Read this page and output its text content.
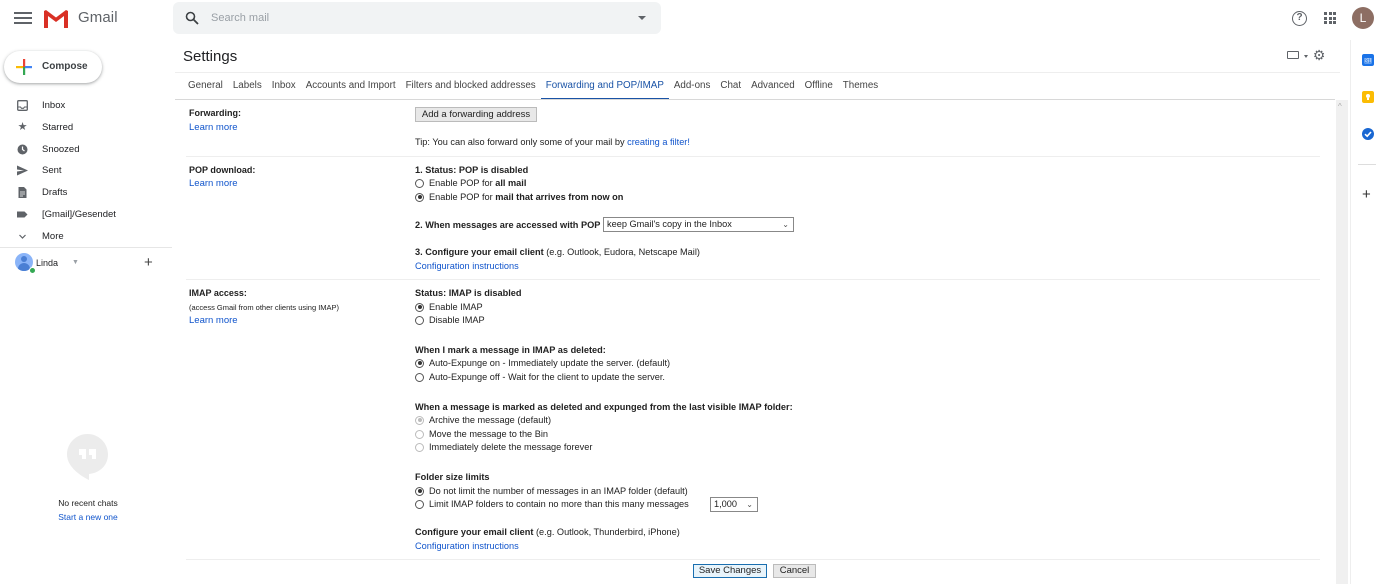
Gmail
Search mail	?	L
Compose
Inbox
★ Starred
Snoozed
Sent
Drafts
[Gmail]/Gesendet
More
Linda ▼	+
No recent chats
Start a new one
Settings	⚙
General	Labels	Inbox	Accounts and Import	Filters and blocked addresses	Forwarding and POP/IMAP	Add-ons	Chat	Advanced	Offline	Themes
^
31
+
Forwarding:
Learn more
Add a forwarding address
Tip: You can also forward only some of your mail by creating a filter!
POP download:
Learn more
1. Status: POP is disabled
Enable POP for
all mail
Enable POP for
mail that arrives from now on
2. When messages are accessed with POP keep Gmail's copy in the Inbox	⌄
3. Configure your email client (e.g. Outlook, Eudora, Netscape Mail)
Configuration instructions
IMAP access:
(access Gmail from other clients using IMAP)
Learn more
Status: IMAP is disabled
Enable IMAP
Disable IMAP
When I mark a message in IMAP as deleted:
Auto-Expunge on - Immediately update the server. (default)
Auto-Expunge off - Wait for the client to update the server.
When a message is marked as deleted and expunged from the last visible IMAP folder:
Archive the message (default)
Move the message to the Bin
Immediately delete the message forever
Folder size limits
Do not limit the number of messages in an IMAP folder (default)
Limit IMAP folders to contain no more than this many messages	1,000 ⌄
Configure your email client (e.g. Outlook, Thunderbird, iPhone)
Configuration instructions
Save Changes	Cancel
